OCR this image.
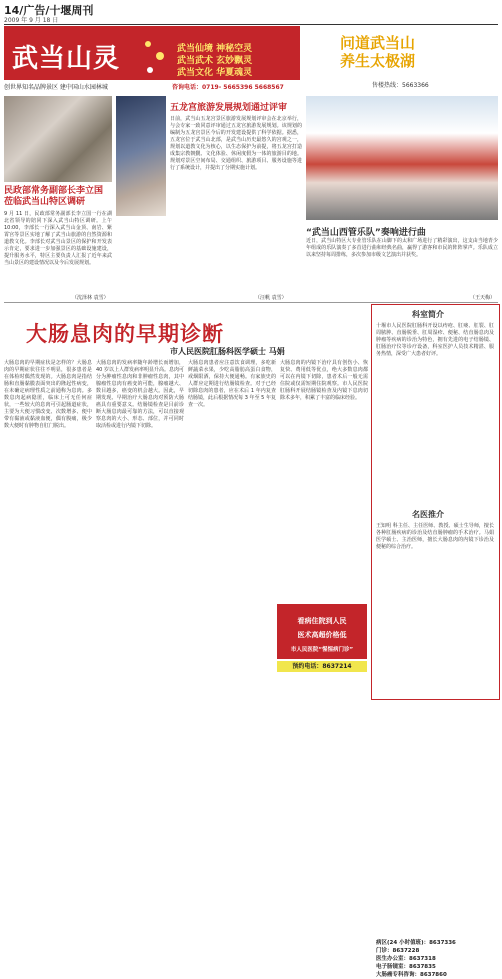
14/广告/十堰周刊
2009 年 9 月 18 日
武当山灵	武当仙境 神秘空灵
武当武术 玄妙飘灵
武当文化 华夏魂灵
创世界知名品牌景区 建中国山水园林城	咨询电话：0719- 5665396 5668567
问道武当山
养生太极湖
售楼热线：5663366
民政部常务副部长李立国
莅临武当山特区调研
9 月 11 日，民政部常务副部长李立国一行在湖北省领导的陪同下深入武当山特区调研。上午 10:00，李部长一行深入武当山金顶、南岩、紫霄宫等景区实地了解了武当山旅游的自然资源和道教文化。李部长对武当山景区的保护和开发表示肯定，要求进一步加强景区的基础设施建设，提升服务水平，特区主要负责人汇报了近年来武当山景区的建设情况以及今后发展规划。
（沈泽林 袁雪）
五龙宫旅游发展规划通过评审
日前，武当山五龙宫景区旅游发展规划评审会在北京举行，与会专家一致同意评审通过五龙宫旅游发展规划。该规划的编制为五龙宫景区今后的开发建设提供了科学依据。据悉，五龙宫位于武当山北部，是武当山历史最悠久的宫观之一，规划以道教文化为核心，以生态保护为前提，将五龙宫打造成集宗教朝觐、文化体验、休闲度假为一体的旅游目的地。规划对景区空间布局、交通组织、旅游项目、服务设施等进行了系统设计，并提出了分期实施计划。
（汪帆 袁雪）
“武当山西管乐队”奏响进行曲
近日，武当山特区大专业管乐队在山脚下的太和广场进行了精彩演出，这支由当地青少年组成的乐队演奏了多首进行曲和经典名曲，赢得了游客和市民的阵阵掌声。乐队成立以来坚持每周排练，多次参加市级文艺演出并获奖。
（王天梅）
大肠息肉的早期诊断
市人民医院肛肠科医学硕士 马娟
大肠息肉的早期症状是怎样的？大肠息肉的早期症状往往不明显，很多患者是在体检时偶然发现的。大肠息肉是指结肠和直肠黏膜表面突出的隆起性病变，在未确定病理性质之前通称为息肉。多数息肉起病隐匿，临床上可无任何症状，一些较大的息肉可引起肠道症状，主要为大便习惯改变、次数增多、便中带有黏液或黏液血便，偶有腹痛，极少数大便时有肿物自肛门脱出。
大肠息肉的发病率随年龄增长而增加，40 岁以上人群发病率明显升高。息肉可分为肿瘤性息肉和非肿瘤性息肉，其中腺瘤性息肉有癌变的可能，腺瘤越大、数目越多，癌变的机会越大。因此，早期发现、早期治疗大肠息肉对预防大肠癌具有重要意义。结肠镜检查是目前诊断大肠息肉最可靠的方法，可以直接观察息肉的大小、形态、部位，并可同时取活检或进行内镜下切除。
大肠息肉患者应注意饮食调理，多吃新鲜蔬菜水果，少吃高脂肪高蛋白食物，戒烟限酒，保持大便通畅。有家族史的人群应定期进行结肠镜检查。对于已经切除息肉的患者，应在术后 1 年内复查结肠镜，此后根据情况每 3 年至 5 年复查一次。
大肠息肉的内镜下治疗具有创伤小、恢复快、费用低等优点，绝大多数息肉都可以在内镜下切除，患者术后一般无需住院或仅需短期住院观察。市人民医院肛肠科开展结肠镜检查及内镜下息肉切除术多年，积累了丰富的临床经验。
看病住院到人民
医术高超价格低
市人民医院“惺惺病门诊”
预约电话：8637214
科室简介
十堰市人民医院肛肠科开设以痔疮、肛瘘、肛裂、肛周脓肿、直肠脱垂、肛周湿疹、便秘、结直肠息肉及肿瘤等疾病的诊治为特色，拥有先进的电子结肠镜、肛肠治疗仪等诊疗设备，科室医护人员技术精湛、服务热情，深受广大患者好评。
名医推介
王知明 科主任、主任医师、教授、硕士生导师，擅长各种肛肠疾病的诊治及结直肠肿瘤的手术治疗。马娟 医学硕士、主治医师，擅长大肠息肉的内镜下诊治及便秘的综合治疗。
病区(24 小时值班)：8637336
门诊：8637228
医生办公室：8637318
电子肠镜室：8637835
大肠癌专科咨询：8637860
